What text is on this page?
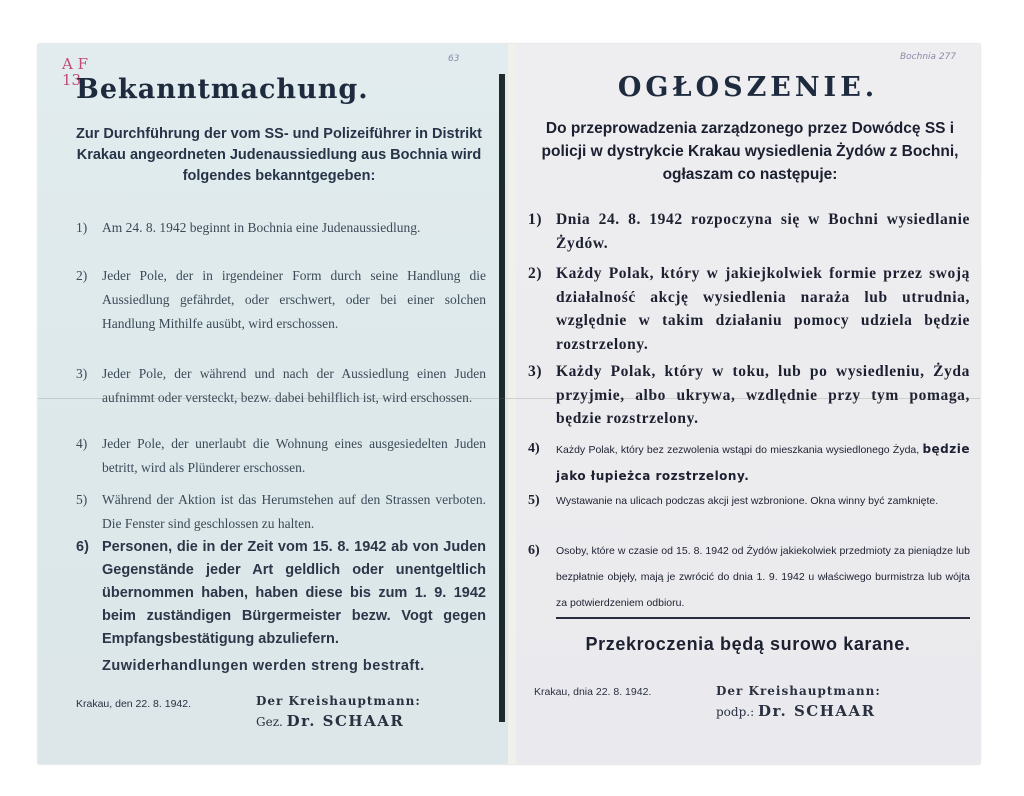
A F
13
63
Bekanntmachung.
Zur Durchführung der vom SS- und Polizeiführer in Distrikt Krakau angeordneten Judenaussiedlung aus Bochnia wird folgendes bekanntgegeben:
1)	Am 24. 8. 1942 beginnt in Bochnia eine Judenaussiedlung.
2)	Jeder Pole, der in irgendeiner Form durch seine Handlung die Aussiedlung gefährdet, oder erschwert, oder bei einer solchen Handlung Mithilfe ausübt, wird erschossen.
3)	Jeder Pole, der während und nach der Aussiedlung einen Juden aufnimmt oder versteckt, bezw. dabei behilflich ist, wird erschossen.
4)	Jeder Pole, der unerlaubt die Wohnung eines ausgesiedelten Juden betritt, wird als Plünderer erschossen.
5)	Während der Aktion ist das Herumstehen auf den Strassen verboten. Die Fenster sind geschlossen zu halten.
6) Personen, die in der Zeit vom 15. 8. 1942 ab von Juden Gegenstände jeder Art geldlich oder unentgeltlich übernommen haben, haben diese bis zum 1. 9. 1942 beim zuständigen Bürgermeister bezw. Vogt gegen Empfangsbestätigung abzuliefern.
Zuwiderhandlungen werden streng bestraft.
Krakau, den 22. 8. 1942.	Der Kreishauptmann:
Gez. Dr. SCHAAR
Bochnia 277
OGŁOSZENIE.
Do przeprowadzenia zarządzonego przez Dowódcę SS i policji w dystrykcie Krakau wysiedlenia Żydów z Bochni, ogłaszam co następuje:
1) Dnia 24. 8. 1942 rozpoczyna się w Bochni wysiedlanie Żydów.
2) Każdy Polak, który w jakiejkolwiek formie przez swoją działalność akcję wysiedlenia naraża lub utrudnia, względnie w takim działaniu pomocy udziela będzie rozstrzelony.
3) Każdy Polak, który w toku, lub po wysiedleniu, Żyda przyjmie, albo ukrywa, wzdlędnie przy tym pomaga, będzie rozstrzelony.
4) Każdy Polak, który bez zezwolenia wstąpi do mieszkania wysiedlonego Żyda, będzie jako łupieżca rozstrzelony.
5) Wystawanie na ulicach podczas akcji jest wzbronione. Okna winny być zamknięte.
6) Osoby, które w czasie od 15. 8. 1942 od Żydów jakiekolwiek przedmioty za pieniądze lub bezpłatnie objęły, mają je zwrócić do dnia 1. 9. 1942 u właściwego burmistrza lub wójta za potwierdzeniem odbioru.
Przekroczenia będą surowo karane.
Krakau, dnia 22. 8. 1942.	Der Kreishauptmann:
podp.: Dr. SCHAAR
